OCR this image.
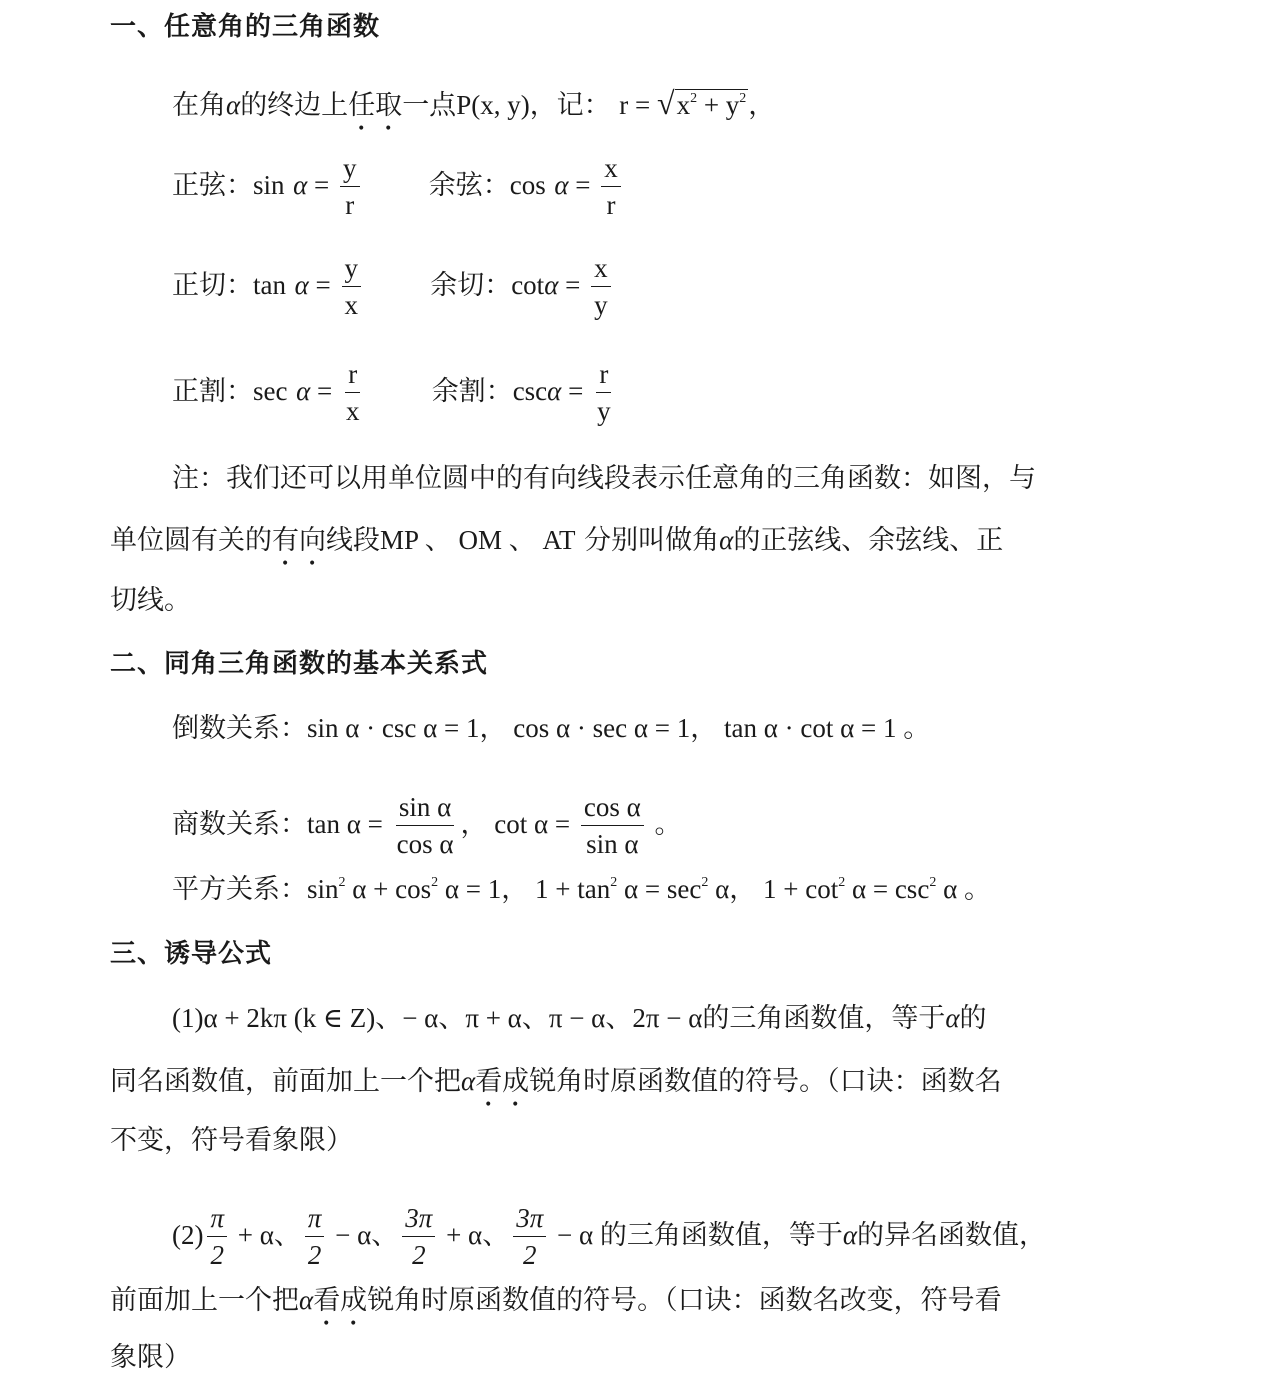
一、任意角的三角函数
在角α的终边上任取一点P(x, y)，记： $r = √x^2 + y^2$，
正弦：$\sin \alpha = \frac{y}{r}$	余弦：$\cos \alpha = \frac{x}{r}$
正切：$\tan \alpha = \frac{y}{x}$	余切：$\cot\alpha = \frac{x}{y}$
正割：$\sec \alpha = \frac{r}{x}$	余割：$\csc\alpha = \frac{r}{y}$
注：我们还可以用单位圆中的有向线段表示任意角的三角函数：如图，与
单位圆有关的有向线段MP 、 OM 、 AT 分别叫做角α的正弦线、余弦线、正
切线。
二、同角三角函数的基本关系式
倒数关系：sin α · csc α = 1， cos α · sec α = 1， tan α · cot α = 1 。
商数关系：$\tan \alpha = \frac{\text{sin α}}{\text{cos α}}$ ， $\cot \alpha = \frac{\text{cos α}}{\text{sin α}}$ 。
平方关系：$\sin^2 \alpha + \cos^2 \alpha = 1$， $1 + \tan^2 \alpha = \sec^2 \alpha$， $1 + \cot^2 \alpha = \csc^2 \alpha$ 。
三、诱导公式
(1)α + 2kπ (k ∈ Z)、− α、π + α、π − α、2π − α的三角函数值，等于α的
同名函数值，前面加上一个把α看成锐角时原函数值的符号。（口诀：函数名
不变，符号看象限）
$(2) \frac{\pi}{2} + \alpha$、 $\frac{\pi}{2} - \alpha$、 $\frac{3\pi}{2} + \alpha$、 $\frac{3\pi}{2} - \alpha$ 的三角函数值，等于α的异名函数值，
前面加上一个把α看成锐角时原函数值的符号。（口诀：函数名改变，符号看
象限）
